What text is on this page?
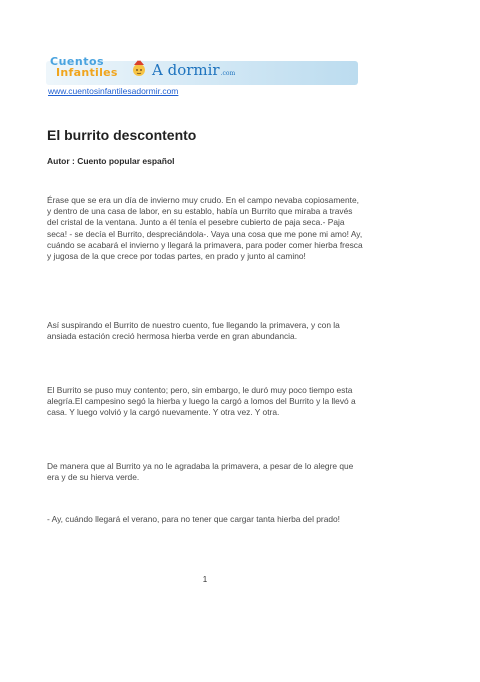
Cuentos
Infantiles A dormir.com
www.cuentosinfantilesadormir.com
El burrito descontento
Autor : Cuento popular español

Érase que se era un día de invierno muy crudo. En el campo nevaba copiosamente, y dentro de una casa de labor, en su establo, había un Burrito que miraba a través del cristal de la ventana. Junto a él tenía el pesebre cubierto de paja seca.- Paja seca! - se decía el Burrito, despreciándola-. Vaya una cosa que me pone mi amo! Ay, cuándo se acabará el invierno y llegará la primavera, para poder comer hierba fresca y jugosa de la que crece por todas partes, en prado y junto al camino!

Así suspirando el Burrito de nuestro cuento, fue llegando la primavera, y con la ansiada estación creció hermosa hierba verde en gran abundancia.

El Burrito se puso muy contento; pero, sin embargo, le duró muy poco tiempo esta alegría.El campesino segó la hierba y luego la cargó a lomos del Burrito y la llevó a casa. Y luego volvió y la cargó nuevamente. Y otra vez. Y otra.

De manera que al Burrito ya no le agradaba la primavera, a pesar de lo alegre que era y de su hierva verde.

- Ay, cuándo llegará el verano, para no tener que cargar tanta hierba del prado!

1
